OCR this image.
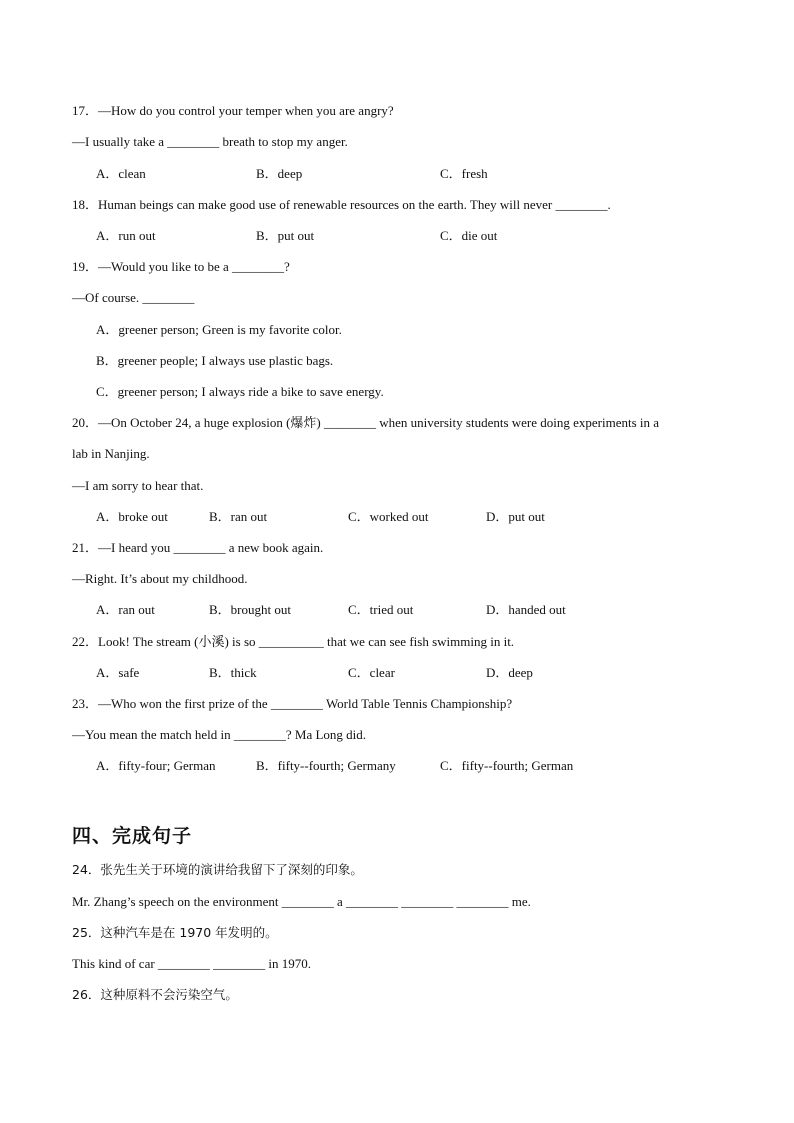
17．—How do you control your temper when you are angry?
—I usually take a ________ breath to stop my anger.
A．clean	B．deep	C．fresh
18．Human beings can make good use of renewable resources on the earth. They will never ________.
A．run out	B．put out	C．die out
19．—Would you like to be a ________?
—Of course. ________
A．greener person; Green is my favorite color.
B．greener people; I always use plastic bags.
C．greener person; I always ride a bike to save energy.
20．—On October 24, a huge explosion (爆炸) ________ when university students were doing experiments in a
lab in Nanjing.
—I am sorry to hear that.
A．broke out	B．ran out	C．worked out	D．put out
21．—I heard you ________ a new book again.
—Right. It’s about my childhood.
A．ran out	B．brought out	C．tried out	D．handed out
22．Look! The stream (小溪) is so __________ that we can see fish swimming in it.
A．safe	B．thick	C．clear	D．deep
23．—Who won the first prize of the ________ World Table Tennis Championship?
—You mean the match held in ________? Ma Long did.
A．fifty-four; German	B．fifty--fourth; Germany	C．fifty--fourth; German
四、完成句子
24．张先生关于环境的演讲给我留下了深刻的印象。
Mr. Zhang’s speech on the environment ________ a ________ ________ ________ me.
25．这种汽车是在 1970 年发明的。
This kind of car ________ ________ in 1970.
26．这种原料不会污染空气。
